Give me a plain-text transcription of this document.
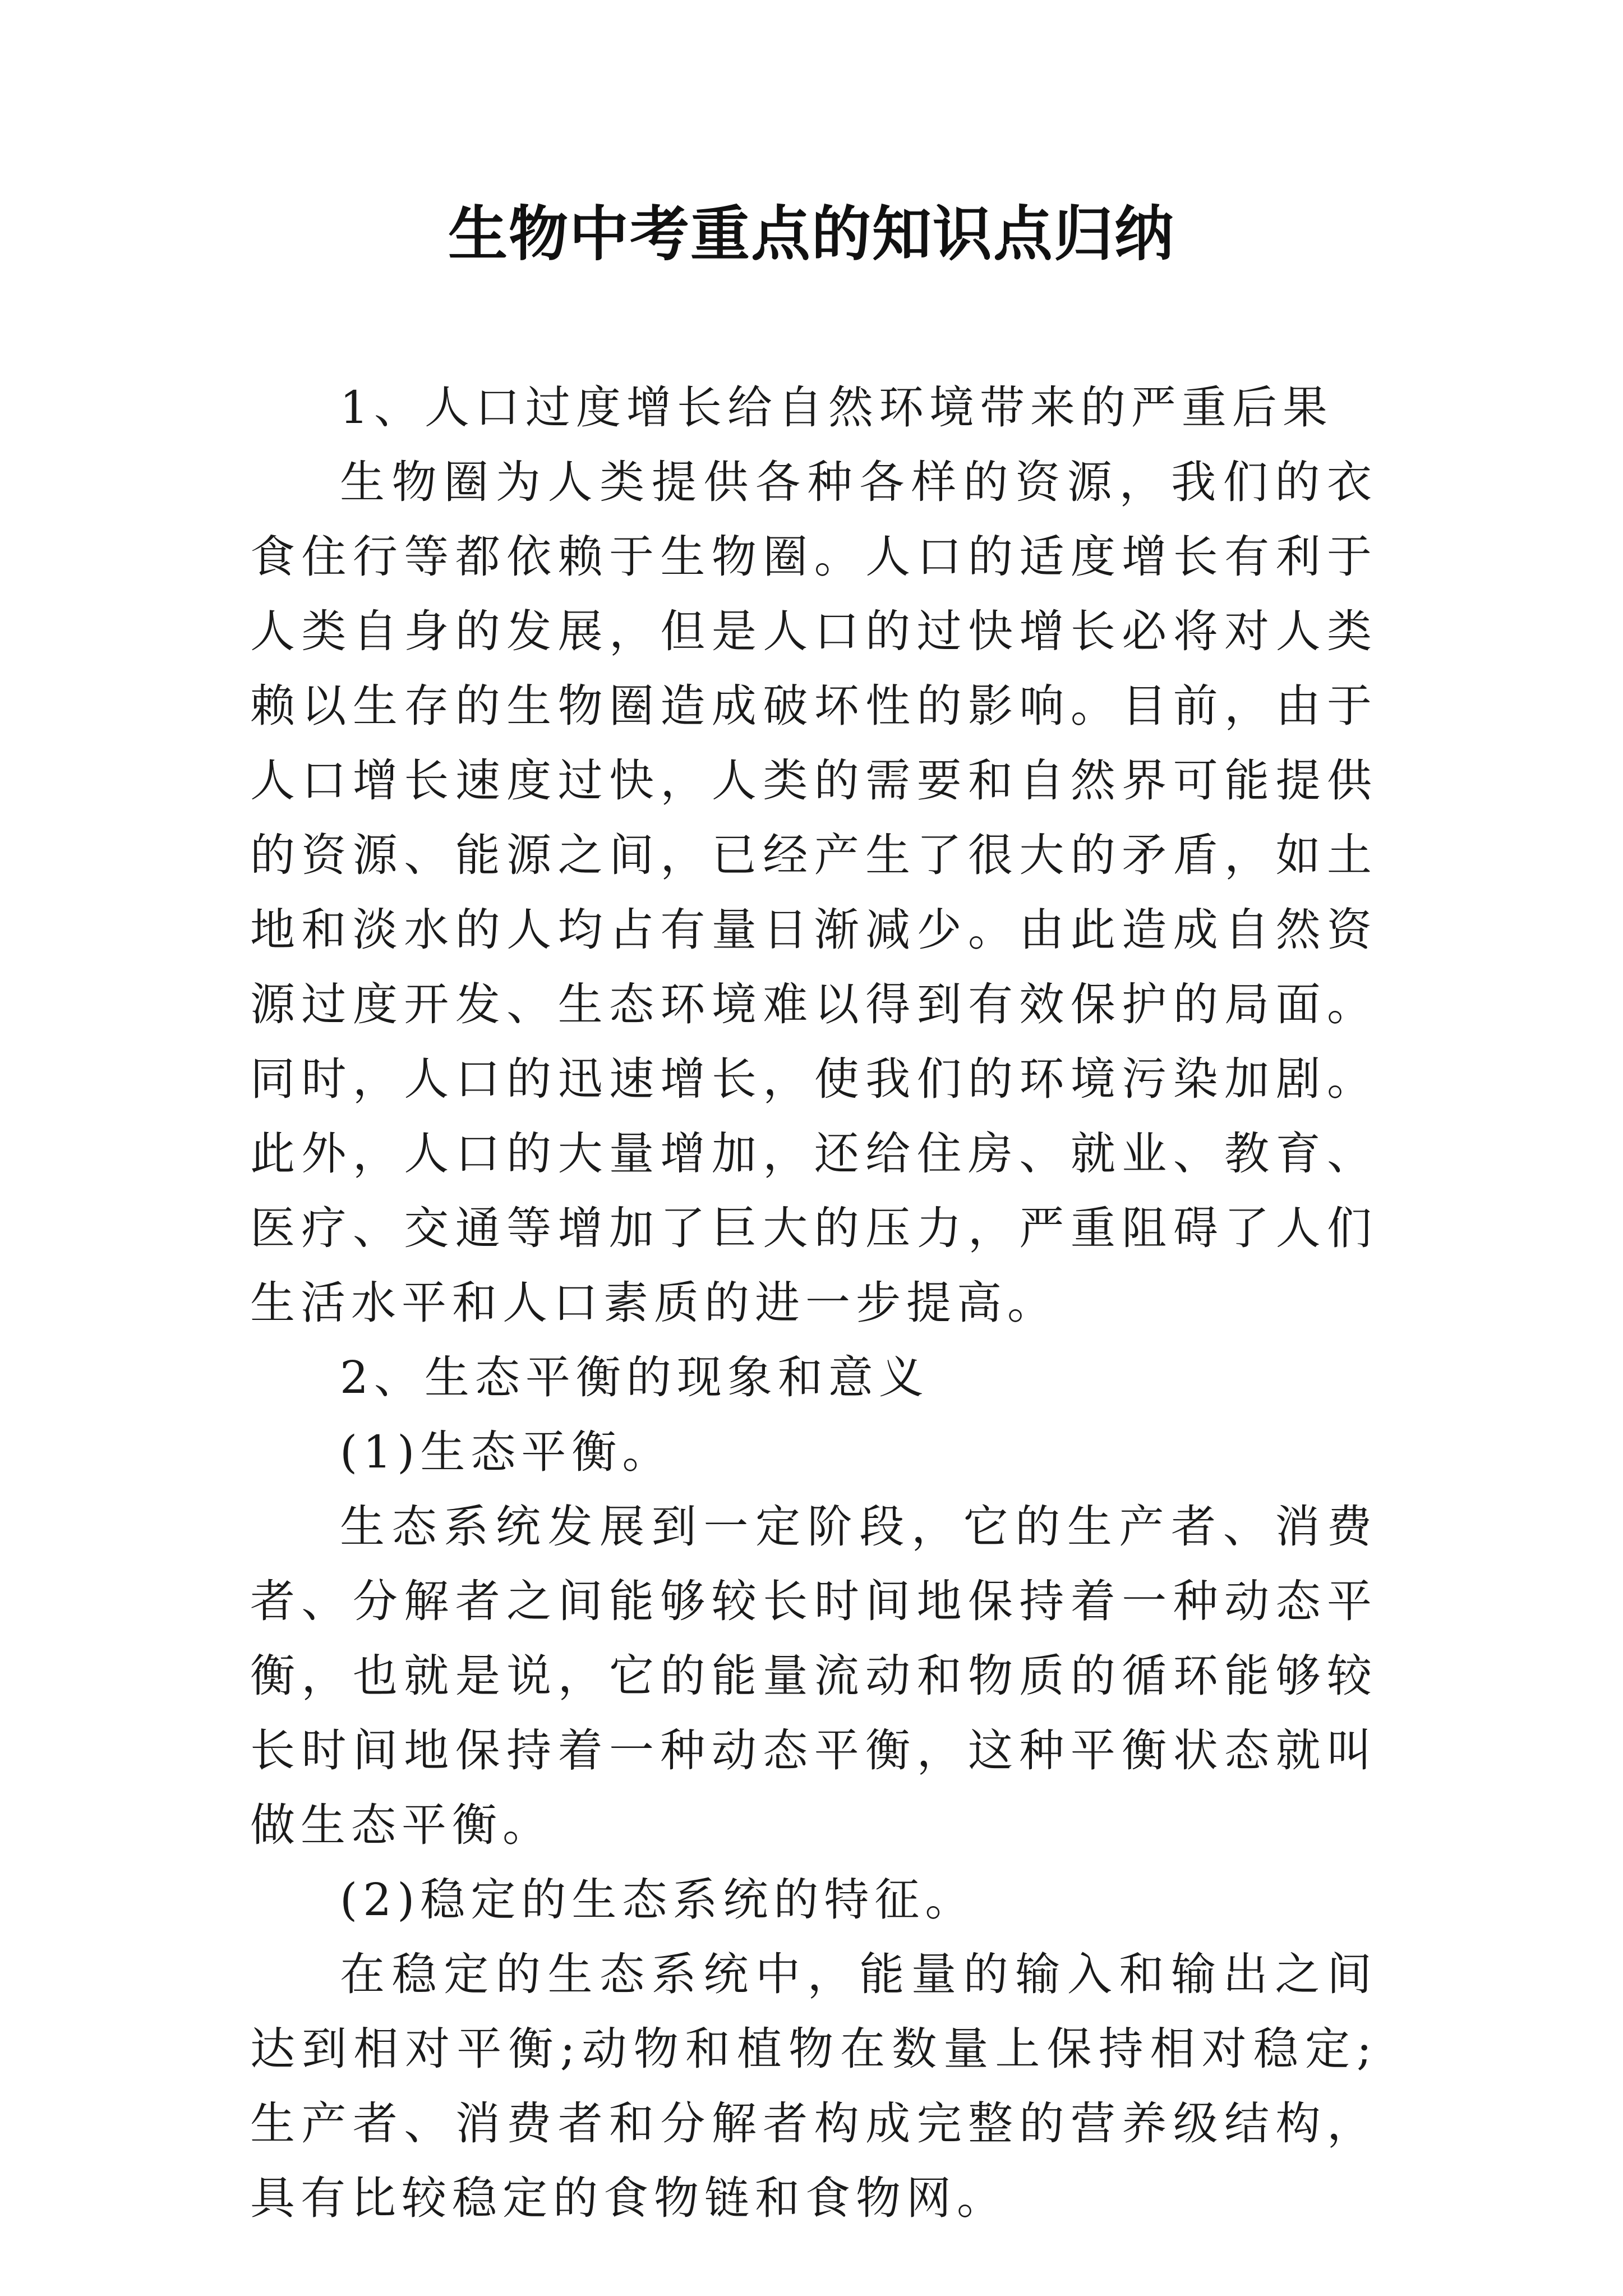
生物中考重点的知识点归纳

1、人口过度增长给自然环境带来的严重后果

生物圈为人类提供各种各样的资源，我们的衣食住行等都依赖于生物圈。人口的适度增长有利于人类自身的发展，但是人口的过快增长必将对人类赖以生存的生物圈造成破坏性的影响。目前，由于人口增长速度过快，人类的需要和自然界可能提供的资源、能源之间，已经产生了很大的矛盾，如土地和淡水的人均占有量日渐减少。由此造成自然资源过度开发、生态环境难以得到有效保护的局面。同时，人口的迅速增长，使我们的环境污染加剧。此外，人口的大量增加，还给住房、就业、教育、医疗、交通等增加了巨大的压力，严重阻碍了人们生活水平和人口素质的进一步提高。

2、生态平衡的现象和意义

(1)生态平衡。

生态系统发展到一定阶段，它的生产者、消费者、分解者之间能够较长时间地保持着一种动态平衡，也就是说，它的能量流动和物质的循环能够较长时间地保持着一种动态平衡，这种平衡状态就叫做生态平衡。

(2)稳定的生态系统的特征。

在稳定的生态系统中，能量的输入和输出之间达到相对平衡;动物和植物在数量上保持相对稳定;生产者、消费者和分解者构成完整的营养级结构，具有比较稳定的食物链和食物网。
